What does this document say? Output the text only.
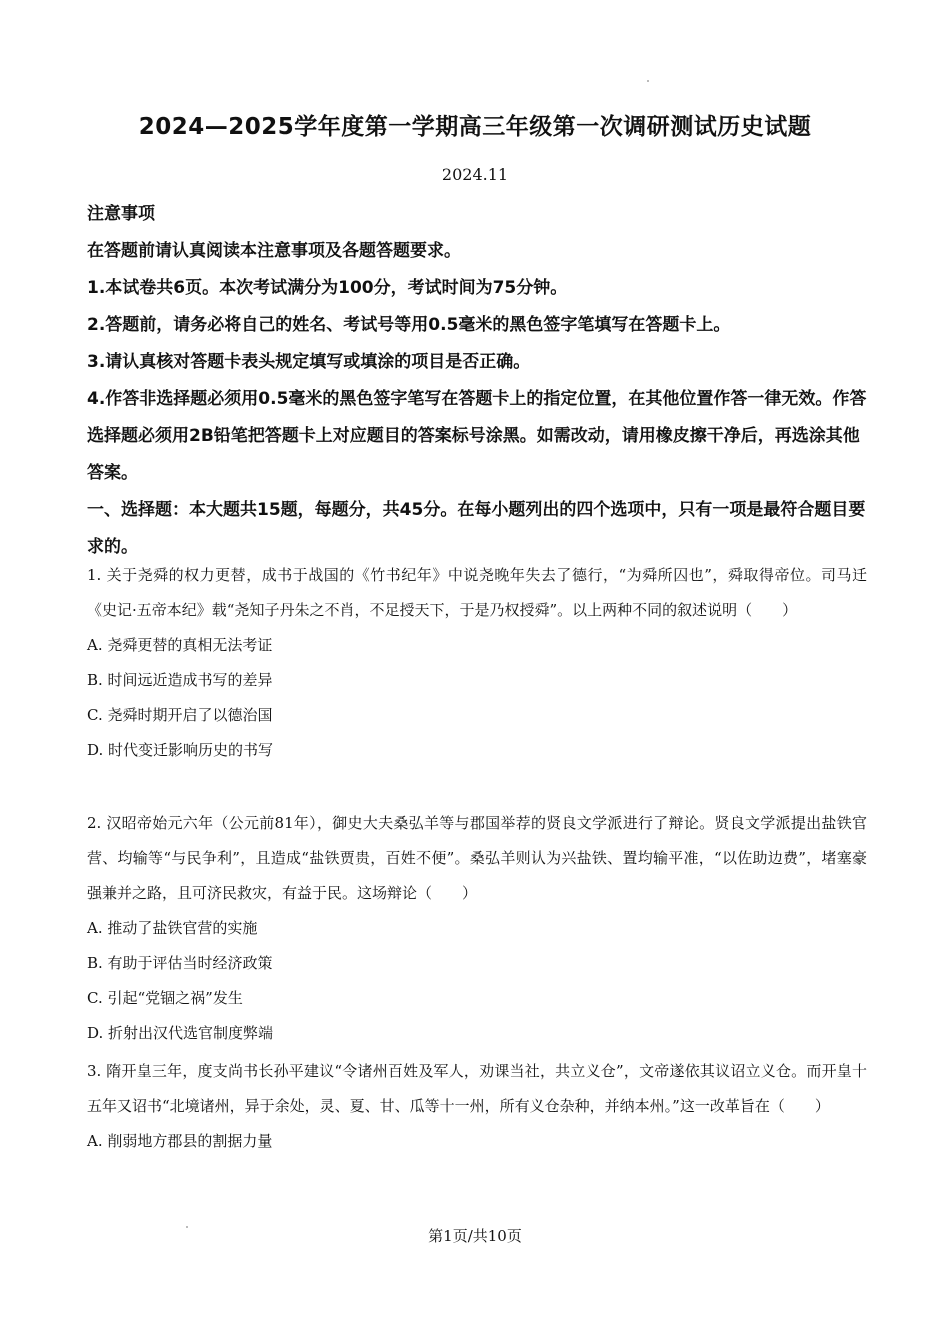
2024—2025学年度第一学期高三年级第一次调研测试历史试题
2024.11
注意事项
在答题前请认真阅读本注意事项及各题答题要求。
1.本试卷共6页。本次考试满分为100分，考试时间为75分钟。
2.答题前，请务必将自己的姓名、考试号等用0.5毫米的黑色签字笔填写在答题卡上。
3.请认真核对答题卡表头规定填写或填涂的项目是否正确。
4.作答非选择题必须用0.5毫米的黑色签字笔写在答题卡上的指定位置，在其他位置作答一律无效。作答选择题必须用2B铅笔把答题卡上对应题目的答案标号涂黑。如需改动，请用橡皮擦干净后，再选涂其他答案。
一、选择题：本大题共15题，每题分，共45分。在每小题列出的四个选项中，只有一项是最符合题目要求的。
1. 关于尧舜的权力更替，成书于战国的《竹书纪年》中说尧晚年失去了德行，“为舜所囚也”，舜取得帝位。司马迁《史记·五帝本纪》载“尧知子丹朱之不肖，不足授天下，于是乃权授舜”。以上两种不同的叙述说明（　　）
A. 尧舜更替的真相无法考证
B. 时间远近造成书写的差异
C. 尧舜时期开启了以德治国
D. 时代变迁影响历史的书写
2. 汉昭帝始元六年（公元前81年），御史大夫桑弘羊等与郡国举荐的贤良文学派进行了辩论。贤良文学派提出盐铁官营、均输等“与民争利”，且造成“盐铁贾贵，百姓不便”。桑弘羊则认为兴盐铁、置均输平准，“以佐助边费”，堵塞豪强兼并之路，且可济民救灾，有益于民。这场辩论（　　）
A. 推动了盐铁官营的实施
B. 有助于评估当时经济政策
C. 引起“党锢之祸”发生
D. 折射出汉代选官制度弊端
3. 隋开皇三年，度支尚书长孙平建议“令诸州百姓及军人，劝课当社，共立义仓”，文帝遂依其议诏立义仓。而开皇十五年又诏书“北境诸州，异于余处，灵、夏、甘、瓜等十一州，所有义仓杂种，并纳本州。”这一改革旨在（　　）
A. 削弱地方郡县的割据力量
第1页/共10页
